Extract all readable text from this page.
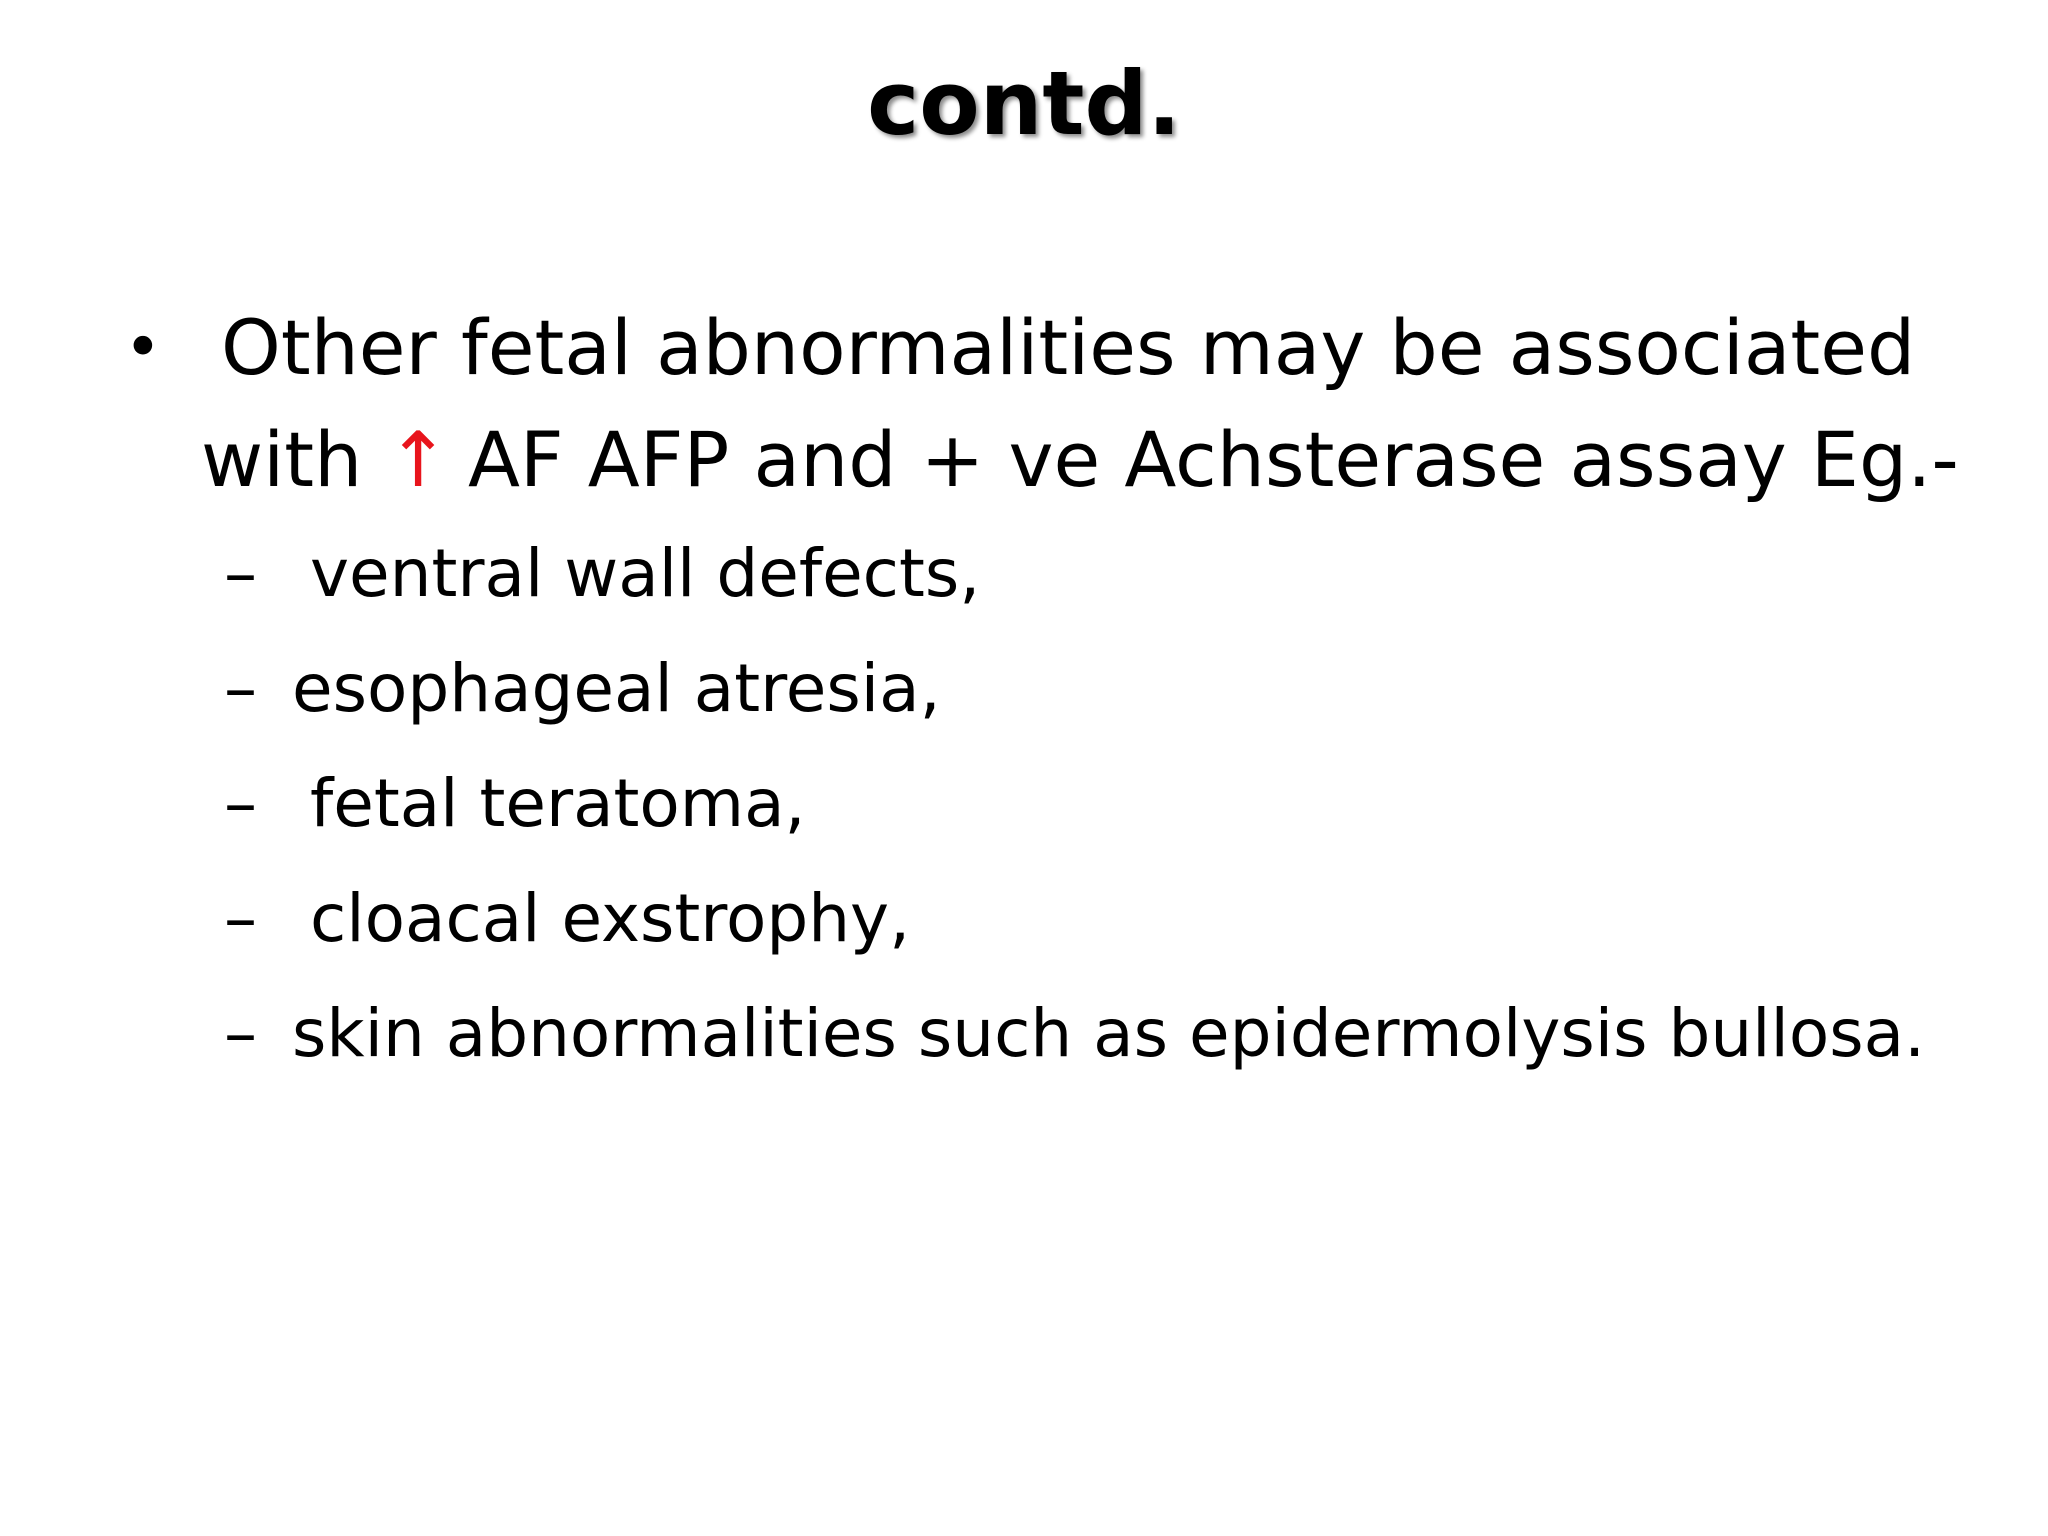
contd.
• Other fetal abnormalities may be associated
with ↑ AF AFP and + ve Achsterase assay Eg.-
– ventral wall defects,
– esophageal atresia,
– fetal teratoma,
– cloacal exstrophy,
– skin abnormalities such as epidermolysis bullosa.
